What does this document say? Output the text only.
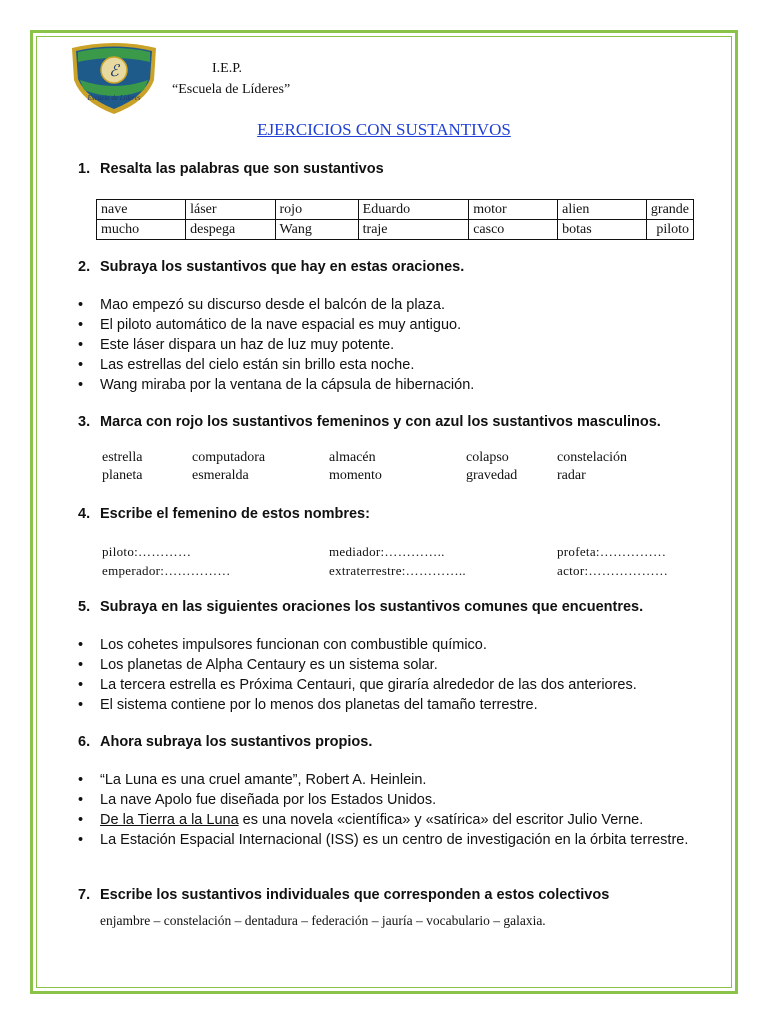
ℰ
Escuela de Líderes
I.E.P.
“Escuela de Líderes”
EJERCICIOS CON SUSTANTIVOS
1. Resalta las palabras que son sustantivos
nave	láser	rojo	Eduardo	motor	alien	grande
mucho	despega	Wang	traje	casco	botas	piloto
2. Subraya los sustantivos que hay en estas oraciones.
• Mao empezó su discurso desde el balcón de la plaza.
• El piloto automático de la nave espacial es muy antiguo.
• Este láser dispara un haz de luz muy potente.
• Las estrellas del cielo están sin brillo esta noche.
• Wang miraba por la ventana de la cápsula de hibernación.
3. Marca con rojo los sustantivos femeninos y con azul los sustantivos masculinos.
estrella	computadora	almacén	colapso	constelación
planeta	esmeralda	momento	gravedad	radar
4. Escribe el femenino de estos nombres:
piloto:…………	mediador:…………..	profeta:……………
emperador:……………	extraterrestre:…………..	actor:………………
5. Subraya en las siguientes oraciones los sustantivos comunes que encuentres.
• Los cohetes impulsores funcionan con combustible químico.
• Los planetas de Alpha Centaury es un sistema solar.
• La tercera estrella es Próxima Centauri, que giraría alrededor de las dos anteriores.
• El sistema contiene por lo menos dos planetas del tamaño terrestre.
6. Ahora subraya los sustantivos propios.
• “La Luna es una cruel amante”, Robert A. Heinlein.
• La nave Apolo fue diseñada por los Estados Unidos.
• De la Tierra a la Luna es una novela «científica» y «satírica» del escritor Julio Verne.
• La Estación Espacial Internacional (ISS) es un centro de investigación en la órbita terrestre.
7. Escribe los sustantivos individuales que corresponden a estos colectivos
enjambre – constelación – dentadura – federación – jauría – vocabulario – galaxia.
